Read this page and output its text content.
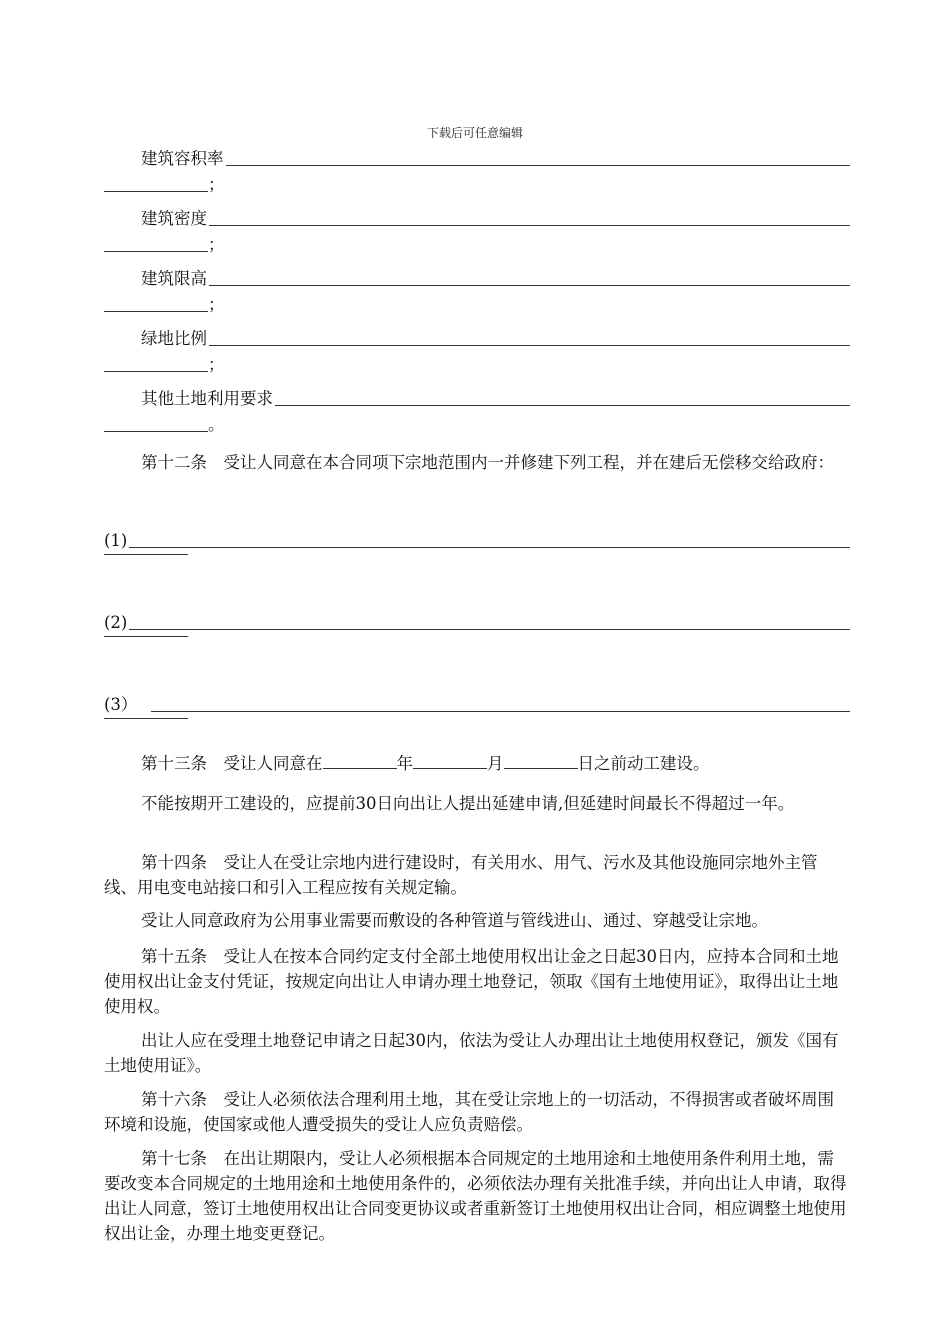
下载后可任意编辑
建筑容积率
；
建筑密度
；
建筑限高
；
绿地比例
；
其他土地利用要求
。
第十二条　受让人同意在本合同项下宗地范围内一并修建下列工程，并在建后无偿移交给政府：
(1)
(2)
(3）
第十三条　受让人同意在	年	月	日之前动工建设。
不能按期开工建设的，应提前30日向出让人提出延建申请,但延建时间最长不得超过一年。
第十四条　受让人在受让宗地内进行建设时，有关用水、用气、污水及其他设施同宗地外主管线、用电变电站接口和引入工程应按有关规定输。
受让人同意政府为公用事业需要而敷设的各种管道与管线进山、通过、穿越受让宗地。
第十五条　受让人在按本合同约定支付全部土地使用权出让金之日起30日内，应持本合同和土地使用权出让金支付凭证，按规定向出让人申请办理土地登记，领取《国有土地使用证》，取得出让土地使用权。
出让人应在受理土地登记申请之日起30内，依法为受让人办理出让土地使用权登记，颁发《国有土地使用证》。
第十六条　受让人必须依法合理利用土地，其在受让宗地上的一切活动，不得损害或者破坏周围环境和设施，使国家或他人遭受损失的受让人应负责赔偿。
第十七条　在出让期限内，受让人必须根据本合同规定的土地用途和土地使用条件利用土地，需要改变本合同规定的土地用途和土地使用条件的，必须依法办理有关批准手续，并向出让人申请，取得出让人同意，签订土地使用权出让合同变更协议或者重新签订土地使用权出让合同，相应调整土地使用权出让金，办理土地变更登记。
